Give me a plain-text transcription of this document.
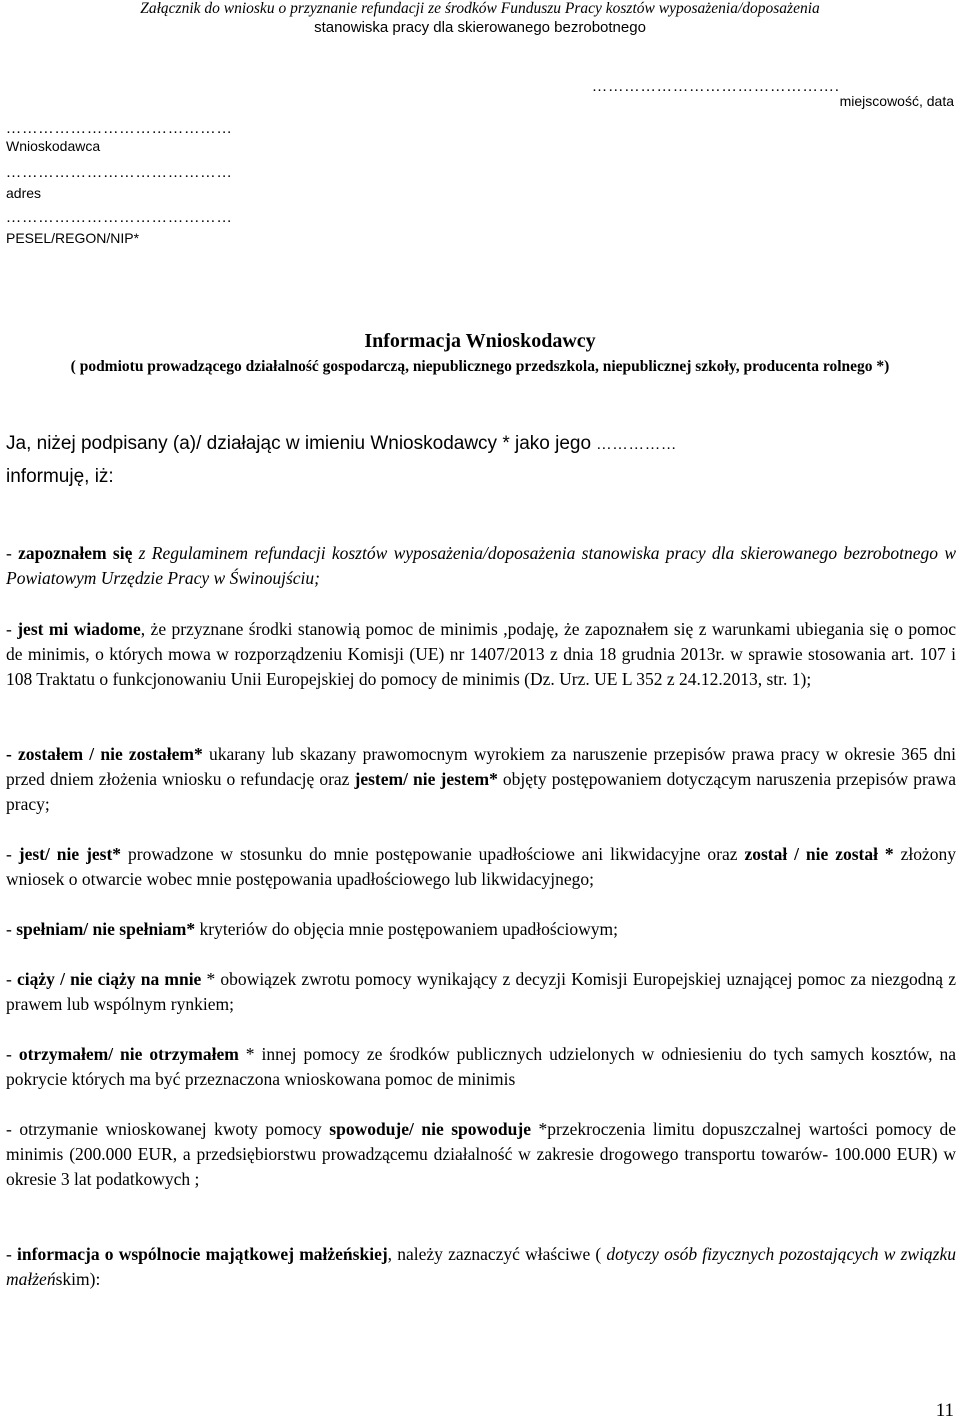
Załącznik do wniosku o przyznanie refundacji ze środków Funduszu Pracy kosztów wyposażenia/doposażenia
stanowiska pracy dla skierowanego bezrobotnego
……………………………………….
miejscowość, data
……………………………………
Wnioskodawca
……………………………………
adres
……………………………………
PESEL/REGON/NIP*
Informacja Wnioskodawcy
( podmiotu prowadzącego działalność gospodarczą, niepublicznego przedszkola, niepublicznej szkoły, producenta rolnego *)
Ja, niżej podpisany (a)/ działając w imieniu Wnioskodawcy * jako jego ……………
informuję, iż:
- zapoznałem się z Regulaminem refundacji kosztów wyposażenia/doposażenia stanowiska pracy dla skierowanego bezrobotnego w Powiatowym Urzędzie Pracy w Świnoujściu;
- jest mi wiadome, że przyznane środki stanowią pomoc de minimis ,podaję, że zapoznałem się z warunkami ubiegania się o pomoc de minimis, o których mowa w rozporządzeniu Komisji (UE) nr 1407/2013 z dnia 18 grudnia 2013r. w sprawie stosowania art. 107 i 108 Traktatu o funkcjonowaniu Unii Europejskiej do pomocy de minimis (Dz. Urz. UE L 352 z 24.12.2013, str. 1);
- zostałem / nie zostałem* ukarany lub skazany prawomocnym wyrokiem za naruszenie przepisów prawa pracy w okresie 365 dni przed dniem złożenia wniosku o refundację oraz jestem/ nie jestem* objęty postępowaniem dotyczącym naruszenia przepisów prawa pracy;
- jest/ nie jest* prowadzone w stosunku do mnie postępowanie upadłościowe ani likwidacyjne oraz został / nie został * złożony wniosek o otwarcie wobec mnie postępowania upadłościowego lub likwidacyjnego;
- spełniam/ nie spełniam* kryteriów do objęcia mnie postępowaniem upadłościowym;
- ciąży / nie ciąży na mnie * obowiązek zwrotu pomocy wynikający z decyzji Komisji Europejskiej uznającej pomoc za niezgodną z prawem lub wspólnym rynkiem;
- otrzymałem/ nie otrzymałem * innej pomocy ze środków publicznych udzielonych w odniesieniu do tych samych kosztów, na pokrycie których ma być przeznaczona wnioskowana pomoc de minimis
- otrzymanie wnioskowanej kwoty pomocy spowoduje/ nie spowoduje *przekroczenia limitu dopuszczalnej wartości pomocy de minimis (200.000 EUR, a przedsiębiorstwu prowadzącemu działalność w zakresie drogowego transportu towarów- 100.000 EUR) w okresie 3 lat podatkowych ;
- informacja o wspólnocie majątkowej małżeńskiej, należy zaznaczyć właściwe ( dotyczy osób fizycznych pozostających w związku małżeńskim):
11
